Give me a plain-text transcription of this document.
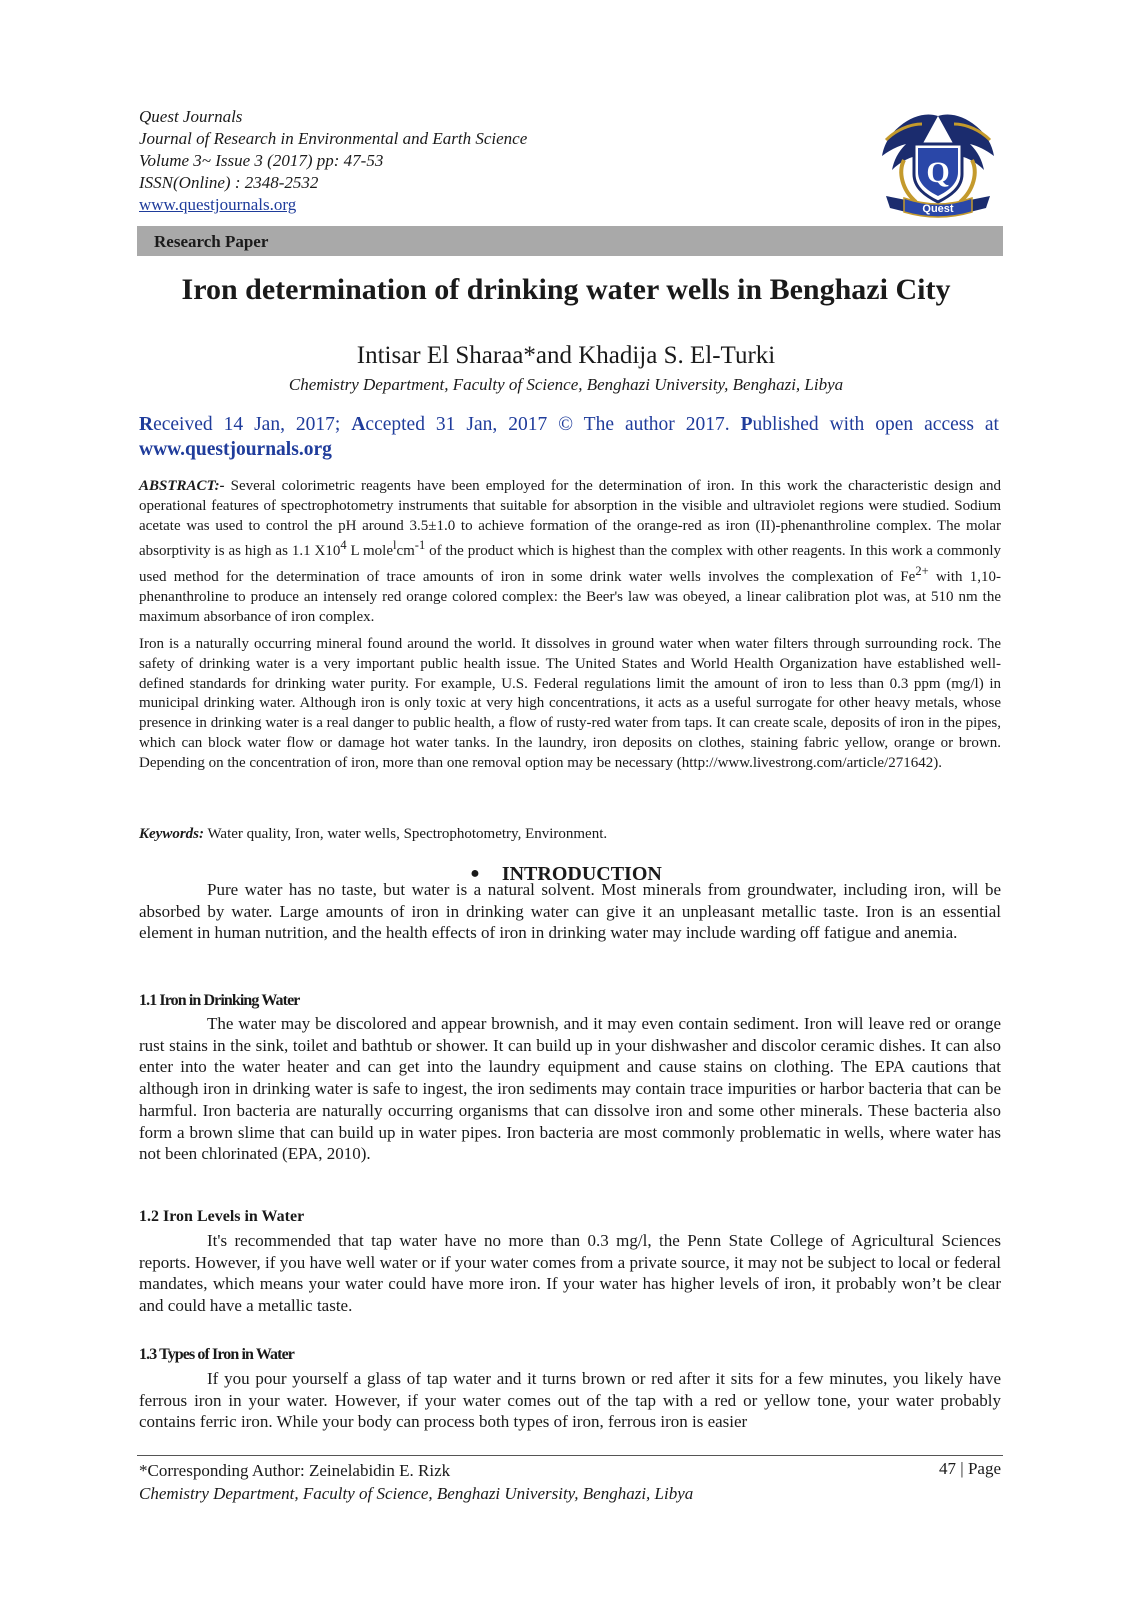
Quest Journals
Journal of Research in Environmental and Earth Science
Volume 3~ Issue 3 (2017) pp: 47-53
ISSN(Online) : 2348-2532
www.questjournals.org
Q
Quest
Research Paper
Iron determination of drinking water wells in Benghazi City
Intisar El Sharaa*and Khadija S. El-Turki
Chemistry Department, Faculty of Science, Benghazi University, Benghazi, Libya
Received 14 Jan, 2017; Accepted 31 Jan, 2017 © The author 2017. Published with open access at
www.questjournals.org
ABSTRACT:- Several colorimetric reagents have been employed for the determination of iron. In this work the characteristic design and operational features of spectrophotometry instruments that suitable for absorption in the visible and ultraviolet regions were studied. Sodium acetate was used to control the pH around 3.5±1.0 to achieve formation of the orange-red as iron (II)-phenanthroline complex. The molar absorptivity is as high as 1.1 $X10^4$ L $mole^lcm^{-1}$ of the product which is highest than the complex with other reagents. In this work a commonly used method for the determination of trace amounts of iron in some drink water wells involves the complexation of $Fe^{2+}$ with 1,10-phenanthroline to produce an intensely red orange colored complex: the Beer's law was obeyed, a linear calibration plot was, at 510 nm the maximum absorbance of iron complex.
Iron is a naturally occurring mineral found around the world. It dissolves in ground water when water filters through surrounding rock. The safety of drinking water is a very important public health issue. The United States and World Health Organization have established well-defined standards for drinking water purity. For example, U.S. Federal regulations limit the amount of iron to less than 0.3 ppm (mg/l) in municipal drinking water. Although iron is only toxic at very high concentrations, it acts as a useful surrogate for other heavy metals, whose presence in drinking water is a real danger to public health, a flow of rusty-red water from taps. It can create scale, deposits of iron in the pipes, which can block water flow or damage hot water tanks. In the laundry, iron deposits on clothes, staining fabric yellow, orange or brown. Depending on the concentration of iron, more than one removal option may be necessary (http://www.livestrong.com/article/271642).
Keywords: Water quality, Iron, water wells, Spectrophotometry, Environment.
● INTRODUCTION
Pure water has no taste, but water is a natural solvent. Most minerals from groundwater, including iron, will be absorbed by water. Large amounts of iron in drinking water can give it an unpleasant metallic taste. Iron is an essential element in human nutrition, and the health effects of iron in drinking water may include warding off fatigue and anemia.
1.1 Iron in Drinking Water
The water may be discolored and appear brownish, and it may even contain sediment. Iron will leave red or orange rust stains in the sink, toilet and bathtub or shower. It can build up in your dishwasher and discolor ceramic dishes. It can also enter into the water heater and can get into the laundry equipment and cause stains on clothing. The EPA cautions that although iron in drinking water is safe to ingest, the iron sediments may contain trace impurities or harbor bacteria that can be harmful. Iron bacteria are naturally occurring organisms that can dissolve iron and some other minerals. These bacteria also form a brown slime that can build up in water pipes. Iron bacteria are most commonly problematic in wells, where water has not been chlorinated (EPA, 2010).
1.2 Iron Levels in Water
It's recommended that tap water have no more than 0.3 mg/l, the Penn State College of Agricultural Sciences reports. However, if you have well water or if your water comes from a private source, it may not be subject to local or federal mandates, which means your water could have more iron. If your water has higher levels of iron, it probably won’t be clear and could have a metallic taste.
1.3 Types of Iron in Water
If you pour yourself a glass of tap water and it turns brown or red after it sits for a few minutes, you likely have ferrous iron in your water. However, if your water comes out of the tap with a red or yellow tone, your water probably contains ferric iron. While your body can process both types of iron, ferrous iron is easier
*Corresponding Author: Zeinelabidin E. Rizk
Chemistry Department, Faculty of Science, Benghazi University, Benghazi, Libya
47 | Page
